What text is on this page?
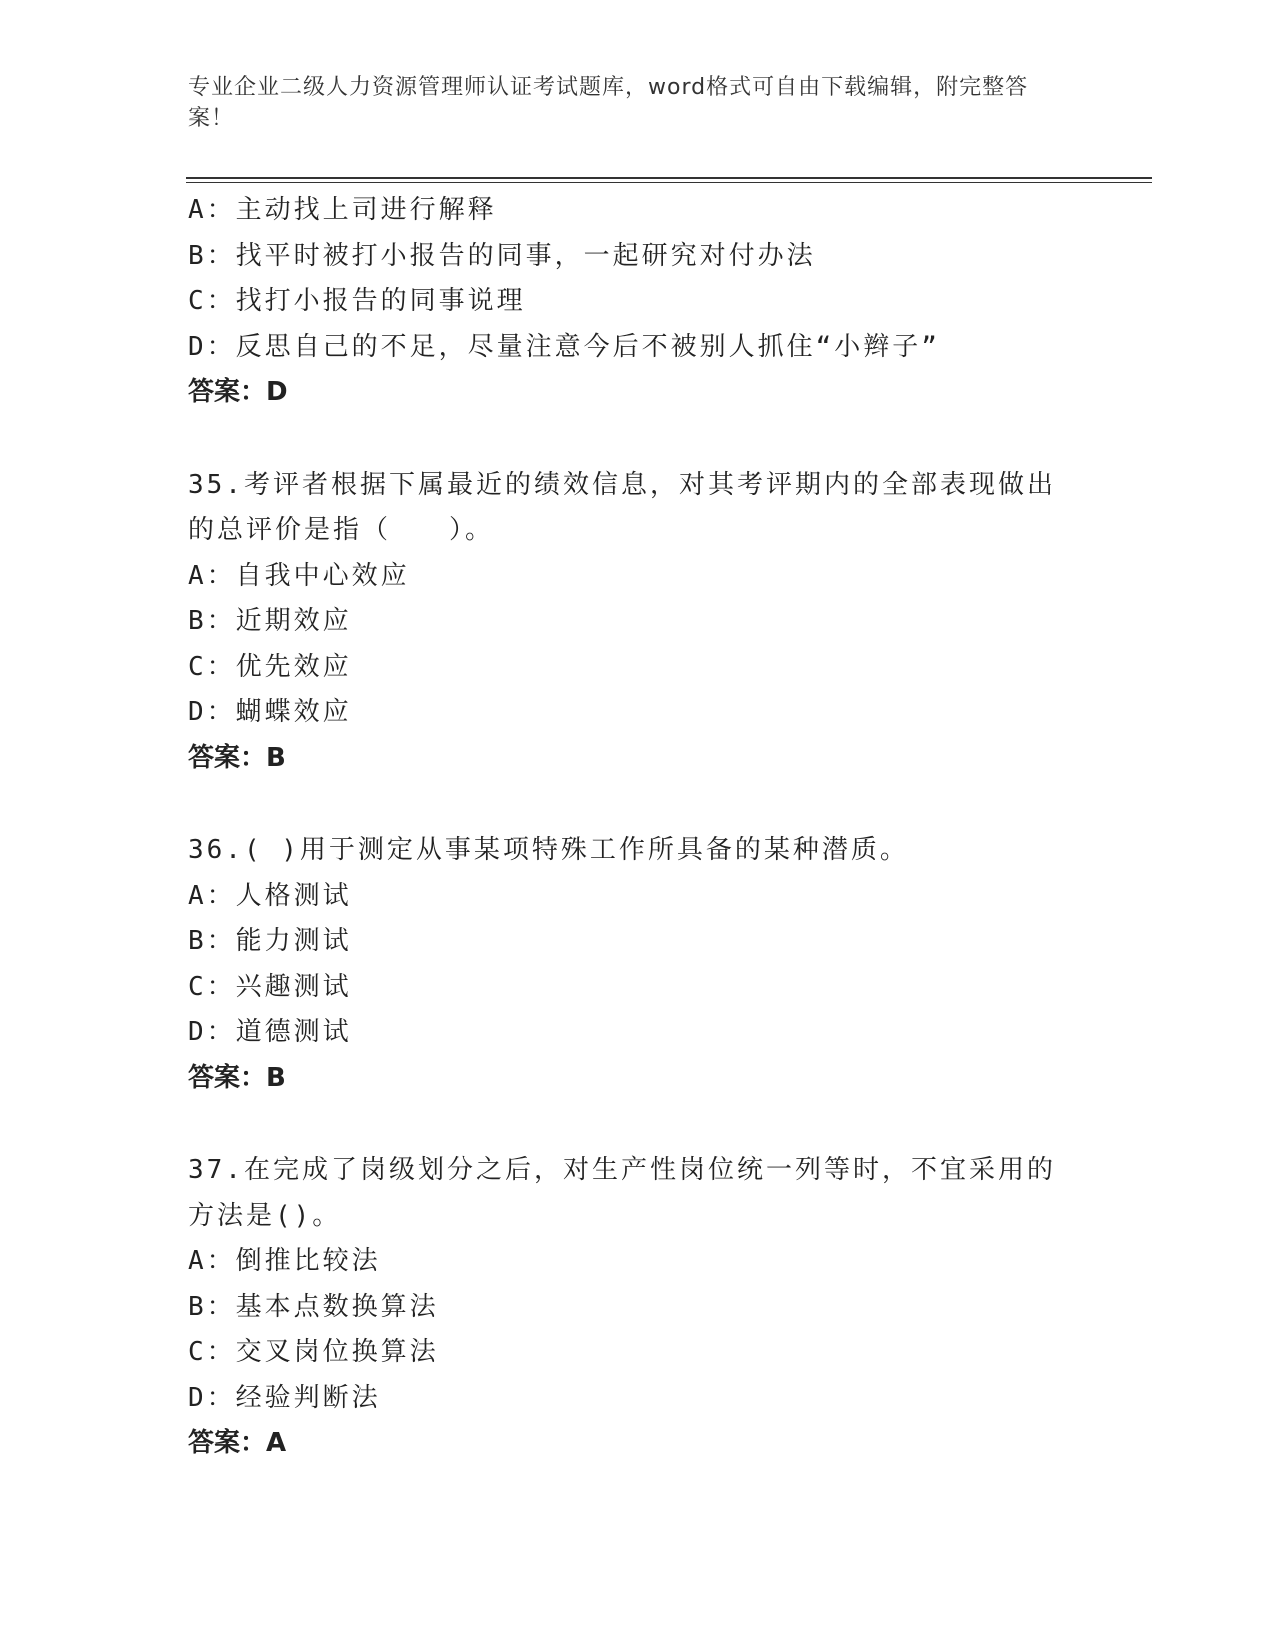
专业企业二级人力资源管理师认证考试题库，word格式可自由下载编辑，附完整答案！
A：主动找上司进行解释
B：找平时被打小报告的同事，一起研究对付办法
C：找打小报告的同事说理
D：反思自己的不足，尽量注意今后不被别人抓住“小辫子”
答案：D
35.考评者根据下属最近的绩效信息，对其考评期内的全部表现做出的总评价是指（　　）。
A：自我中心效应
B：近期效应
C：优先效应
D：蝴蝶效应
答案：B
36.( )用于测定从事某项特殊工作所具备的某种潜质。
A：人格测试
B：能力测试
C：兴趣测试
D：道德测试
答案：B
37.在完成了岗级划分之后，对生产性岗位统一列等时，不宜采用的方法是()。
A：倒推比较法
B：基本点数换算法
C：交叉岗位换算法
D：经验判断法
答案：A
